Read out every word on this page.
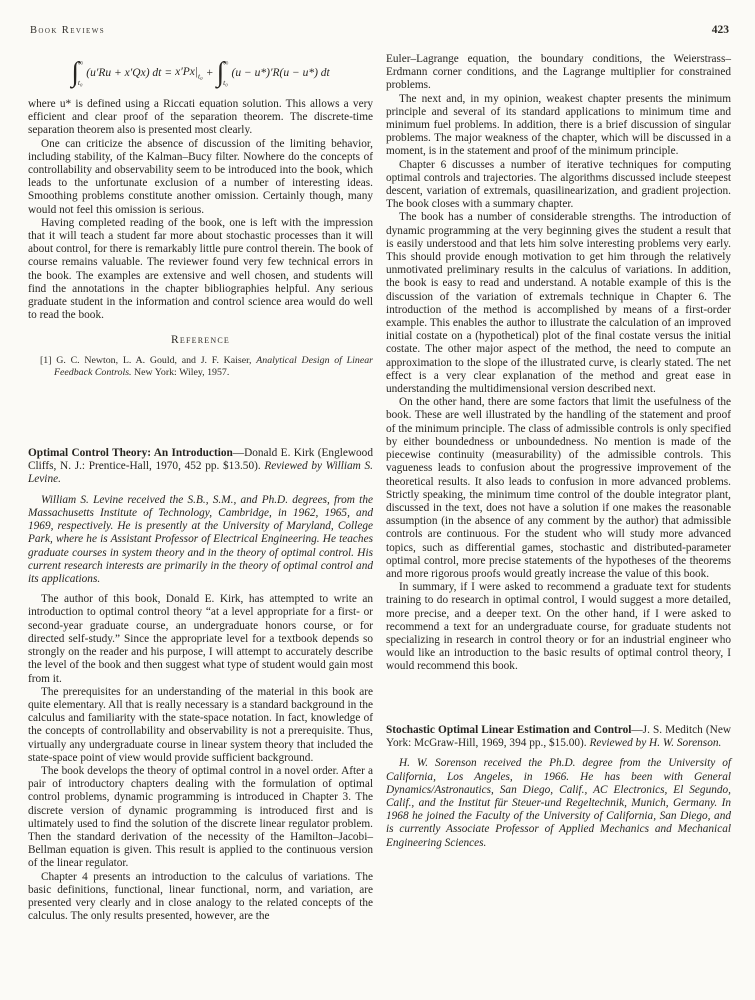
Book Reviews	423
∫ ∞
t₀
(u′Ru + x′Qx) dt = $x'Px|_{t_0}$ + ∫ ∞
t₀
(u − u*)′R(u − u*) dt

where u* is defined using a Riccati equation solution. This allows a very efficient and clear proof of the separation theorem. The discrete-time separation theorem also is presented most clearly.

One can criticize the absence of discussion of the limiting behavior, including stability, of the Kalman–Bucy filter. Nowhere do the concepts of controllability and observability seem to be introduced into the book, which leads to the unfortunate exclusion of a number of interesting ideas. Smoothing problems constitute another omission. Certainly though, many would not feel this omission is serious.

Having completed reading of the book, one is left with the impression that it will teach a student far more about stochastic processes than it will about control, for there is remarkably little pure control therein. The book of course remains valuable. The reviewer found very few technical errors in the book. The examples are extensive and well chosen, and students will find the annotations in the chapter bibliographies helpful. Any serious graduate student in the information and control science area would do well to read the book.

Reference

[1] G. C. Newton, L. A. Gould, and J. F. Kaiser, Analytical Design of Linear Feedback Controls. New York: Wiley, 1957.

Optimal Control Theory: An Introduction—Donald E. Kirk (Englewood Cliffs, N. J.: Prentice-Hall, 1970, 452 pp. $13.50). Reviewed by William S. Levine.

William S. Levine received the S.B., S.M., and Ph.D. degrees, from the Massachusetts Institute of Technology, Cambridge, in 1962, 1965, and 1969, respectively. He is presently at the University of Maryland, College Park, where he is Assistant Professor of Electrical Engineering. He teaches graduate courses in system theory and in the theory of optimal control. His current research interests are primarily in the theory of optimal control and its applications.

The author of this book, Donald E. Kirk, has attempted to write an introduction to optimal control theory “at a level appropriate for a first- or second-year graduate course, an undergraduate honors course, or for directed self-study.” Since the appropriate level for a textbook depends so strongly on the reader and his purpose, I will attempt to accurately describe the level of the book and then suggest what type of student would gain most from it.

The prerequisites for an understanding of the material in this book are quite elementary. All that is really necessary is a standard background in the calculus and familiarity with the state-space notation. In fact, knowledge of the concepts of controllability and observability is not a prerequisite. Thus, virtually any undergraduate course in linear system theory that included the state-space point of view would provide sufficient background.

The book develops the theory of optimal control in a novel order. After a pair of introductory chapters dealing with the formulation of optimal control problems, dynamic programming is introduced in Chapter 3. The discrete version of dynamic programming is introduced first and is ultimately used to find the solution of the discrete linear regulator problem. Then the standard derivation of the necessity of the Hamilton–Jacobi–Bellman equation is given. This result is applied to the continuous version of the linear regulator.

Chapter 4 presents an introduction to the calculus of variations. The basic definitions, functional, linear functional, norm, and variation, are presented very clearly and in close analogy to the related concepts of the calculus. The only results presented, however, are the

Euler–Lagrange equation, the boundary conditions, the Weierstrass–Erdmann corner conditions, and the Lagrange multiplier for constrained problems.

The next and, in my opinion, weakest chapter presents the minimum principle and several of its standard applications to minimum time and minimum fuel problems. In addition, there is a brief discussion of singular problems. The major weakness of the chapter, which will be discussed in a moment, is in the statement and proof of the minimum principle.

Chapter 6 discusses a number of iterative techniques for computing optimal controls and trajectories. The algorithms discussed include steepest descent, variation of extremals, quasilinearization, and gradient projection. The book closes with a summary chapter.

The book has a number of considerable strengths. The introduction of dynamic programming at the very beginning gives the student a result that is easily understood and that lets him solve interesting problems very early. This should provide enough motivation to get him through the relatively unmotivated preliminary results in the calculus of variations. In addition, the book is easy to read and understand. A notable example of this is the discussion of the variation of extremals technique in Chapter 6. The introduction of the method is accomplished by means of a first-order example. This enables the author to illustrate the calculation of an improved initial costate on a (hypothetical) plot of the final costate versus the initial costate. The other major aspect of the method, the need to compute an approximation to the slope of the illustrated curve, is clearly stated. The net effect is a very clear explanation of the method and great ease in understanding the multidimensional version described next.

On the other hand, there are some factors that limit the usefulness of the book. These are well illustrated by the handling of the statement and proof of the minimum principle. The class of admissible controls is only specified by either boundedness or unboundedness. No mention is made of the piecewise continuity (measurability) of the admissible controls. This vagueness leads to confusion about the progressive improvement of the theoretical results. It also leads to confusion in more advanced problems. Strictly speaking, the minimum time control of the double integrator plant, discussed in the text, does not have a solution if one makes the reasonable assumption (in the absence of any comment by the author) that admissible controls are continuous. For the student who will study more advanced topics, such as differential games, stochastic and distributed-parameter optimal control, more precise statements of the hypotheses of the theorems and more rigorous proofs would greatly increase the value of this book.

In summary, if I were asked to recommend a graduate text for students training to do research in optimal control, I would suggest a more detailed, more precise, and a deeper text. On the other hand, if I were asked to recommend a text for an undergraduate course, for graduate students not specializing in research in control theory or for an industrial engineer who would like an introduction to the basic results of optimal control theory, I would recommend this book.

Stochastic Optimal Linear Estimation and Control—J. S. Meditch (New York: McGraw-Hill, 1969, 394 pp., $15.00). Reviewed by H. W. Sorenson.

H. W. Sorenson received the Ph.D. degree from the University of California, Los Angeles, in 1966. He has been with General Dynamics/Astronautics, San Diego, Calif., AC Electronics, El Segundo, Calif., and the Institut für Steuer-und Regeltechnik, Munich, Germany. In 1968 he joined the Faculty of the University of California, San Diego, and is currently Associate Professor of Applied Mechanics and Mechanical Engineering Sciences.
